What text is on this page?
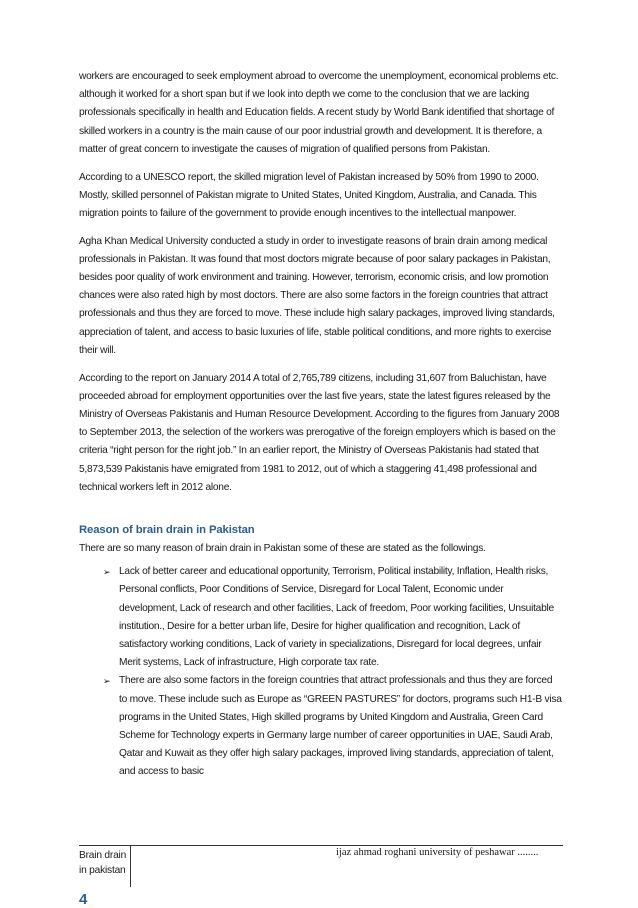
workers are encouraged to seek employment abroad to overcome the unemployment, economical problems etc. although it worked for a short span but if we look into depth we come to the conclusion that we are lacking professionals specifically in health and Education fields. A recent study by World Bank identified that shortage of skilled workers in a country is the main cause of our poor industrial growth and development. It is therefore, a matter of great concern to investigate the causes of migration of qualified persons from Pakistan.

According to a UNESCO report, the skilled migration level of Pakistan increased by 50% from 1990 to 2000. Mostly, skilled personnel of Pakistan migrate to United States, United Kingdom, Australia, and Canada. This migration points to failure of the government to provide enough incentives to the intellectual manpower.

Agha Khan Medical University conducted a study in order to investigate reasons of brain drain among medical professionals in Pakistan. It was found that most doctors migrate because of poor salary packages in Pakistan, besides poor quality of work environment and training. However, terrorism, economic crisis, and low promotion chances were also rated high by most doctors. There are also some factors in the foreign countries that attract professionals and thus they are forced to move. These include high salary packages, improved living standards, appreciation of talent, and access to basic luxuries of life, stable political conditions, and more rights to exercise their will.

According to the report on January 2014 A total of 2,765,789 citizens, including 31,607 from Baluchistan, have proceeded abroad for employment opportunities over the last five years, state the latest figures released by the Ministry of Overseas Pakistanis and Human Resource Development. According to the figures from January 2008 to September 2013, the selection of the workers was prerogative of the foreign employers which is based on the criteria “right person for the right job.” In an earlier report, the Ministry of Overseas Pakistanis had stated that 5,873,539 Pakistanis have emigrated from 1981 to 2012, out of which a staggering 41,498 professional and technical workers left in 2012 alone.

Reason of brain drain in Pakistan

There are so many reason of brain drain in Pakistan some of these are stated as the followings.

➢ Lack of better career and educational opportunity, Terrorism, Political instability, Inflation, Health risks, Personal conflicts, Poor Conditions of Service, Disregard for Local Talent, Economic under development, Lack of research and other facilities, Lack of freedom, Poor working facilities, Unsuitable institution., Desire for a better urban life, Desire for higher qualification and recognition, Lack of satisfactory working conditions, Lack of variety in specializations, Disregard for local degrees, unfair Merit systems, Lack of infrastructure, High corporate tax rate.
➢ There are also some factors in the foreign countries that attract professionals and thus they are forced to move. These include such as Europe as “GREEN PASTURES” for doctors, programs such H1-B visa programs in the United States, High skilled programs by United Kingdom and Australia, Green Card Scheme for Technology experts in Germany large number of career opportunities in UAE, Saudi Arab, Qatar and Kuwait as they offer high salary packages, improved living standards, appreciation of talent, and access to basic
Brain drain in pakistan
ijaz ahmad roghani university of peshawar ........
4
